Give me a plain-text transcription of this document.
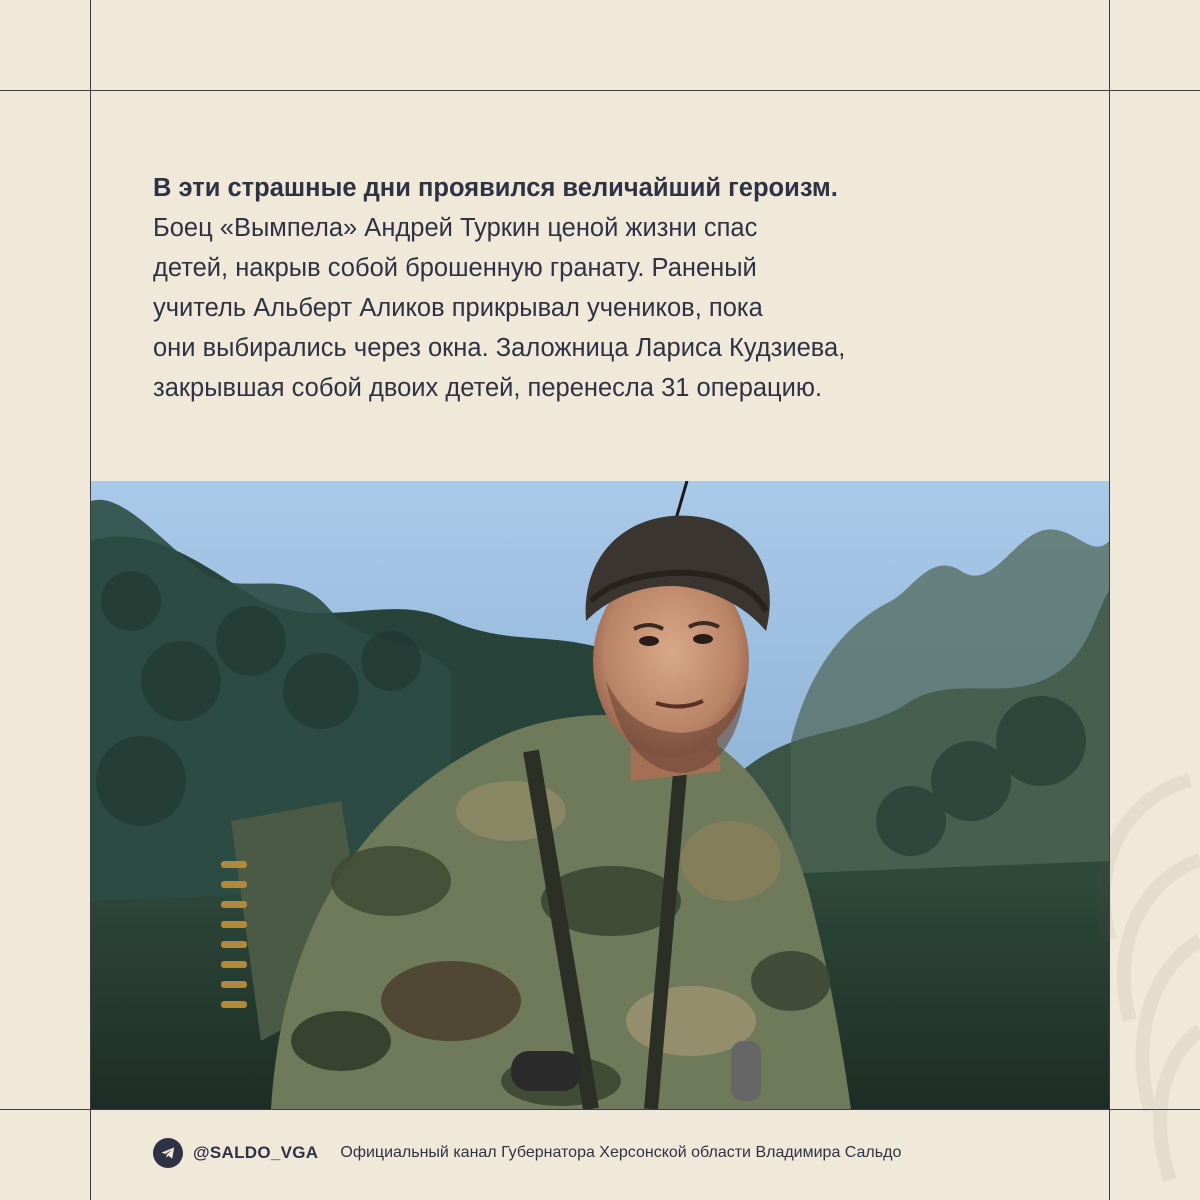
В эти страшные дни проявился величайший героизм.
Боец «Вымпела» Андрей Туркин ценой жизни спас
детей, накрыв собой брошенную гранату. Раненый
учитель Альберт Аликов прикрывал учеников, пока
они выбирались через окна. Заложница Лариса Кудзиева,
закрывшая собой двоих детей, перенесла 31 операцию.
@SALDO_VGA Официальный канал Губернатора Херсонской области Владимира Сальдо
